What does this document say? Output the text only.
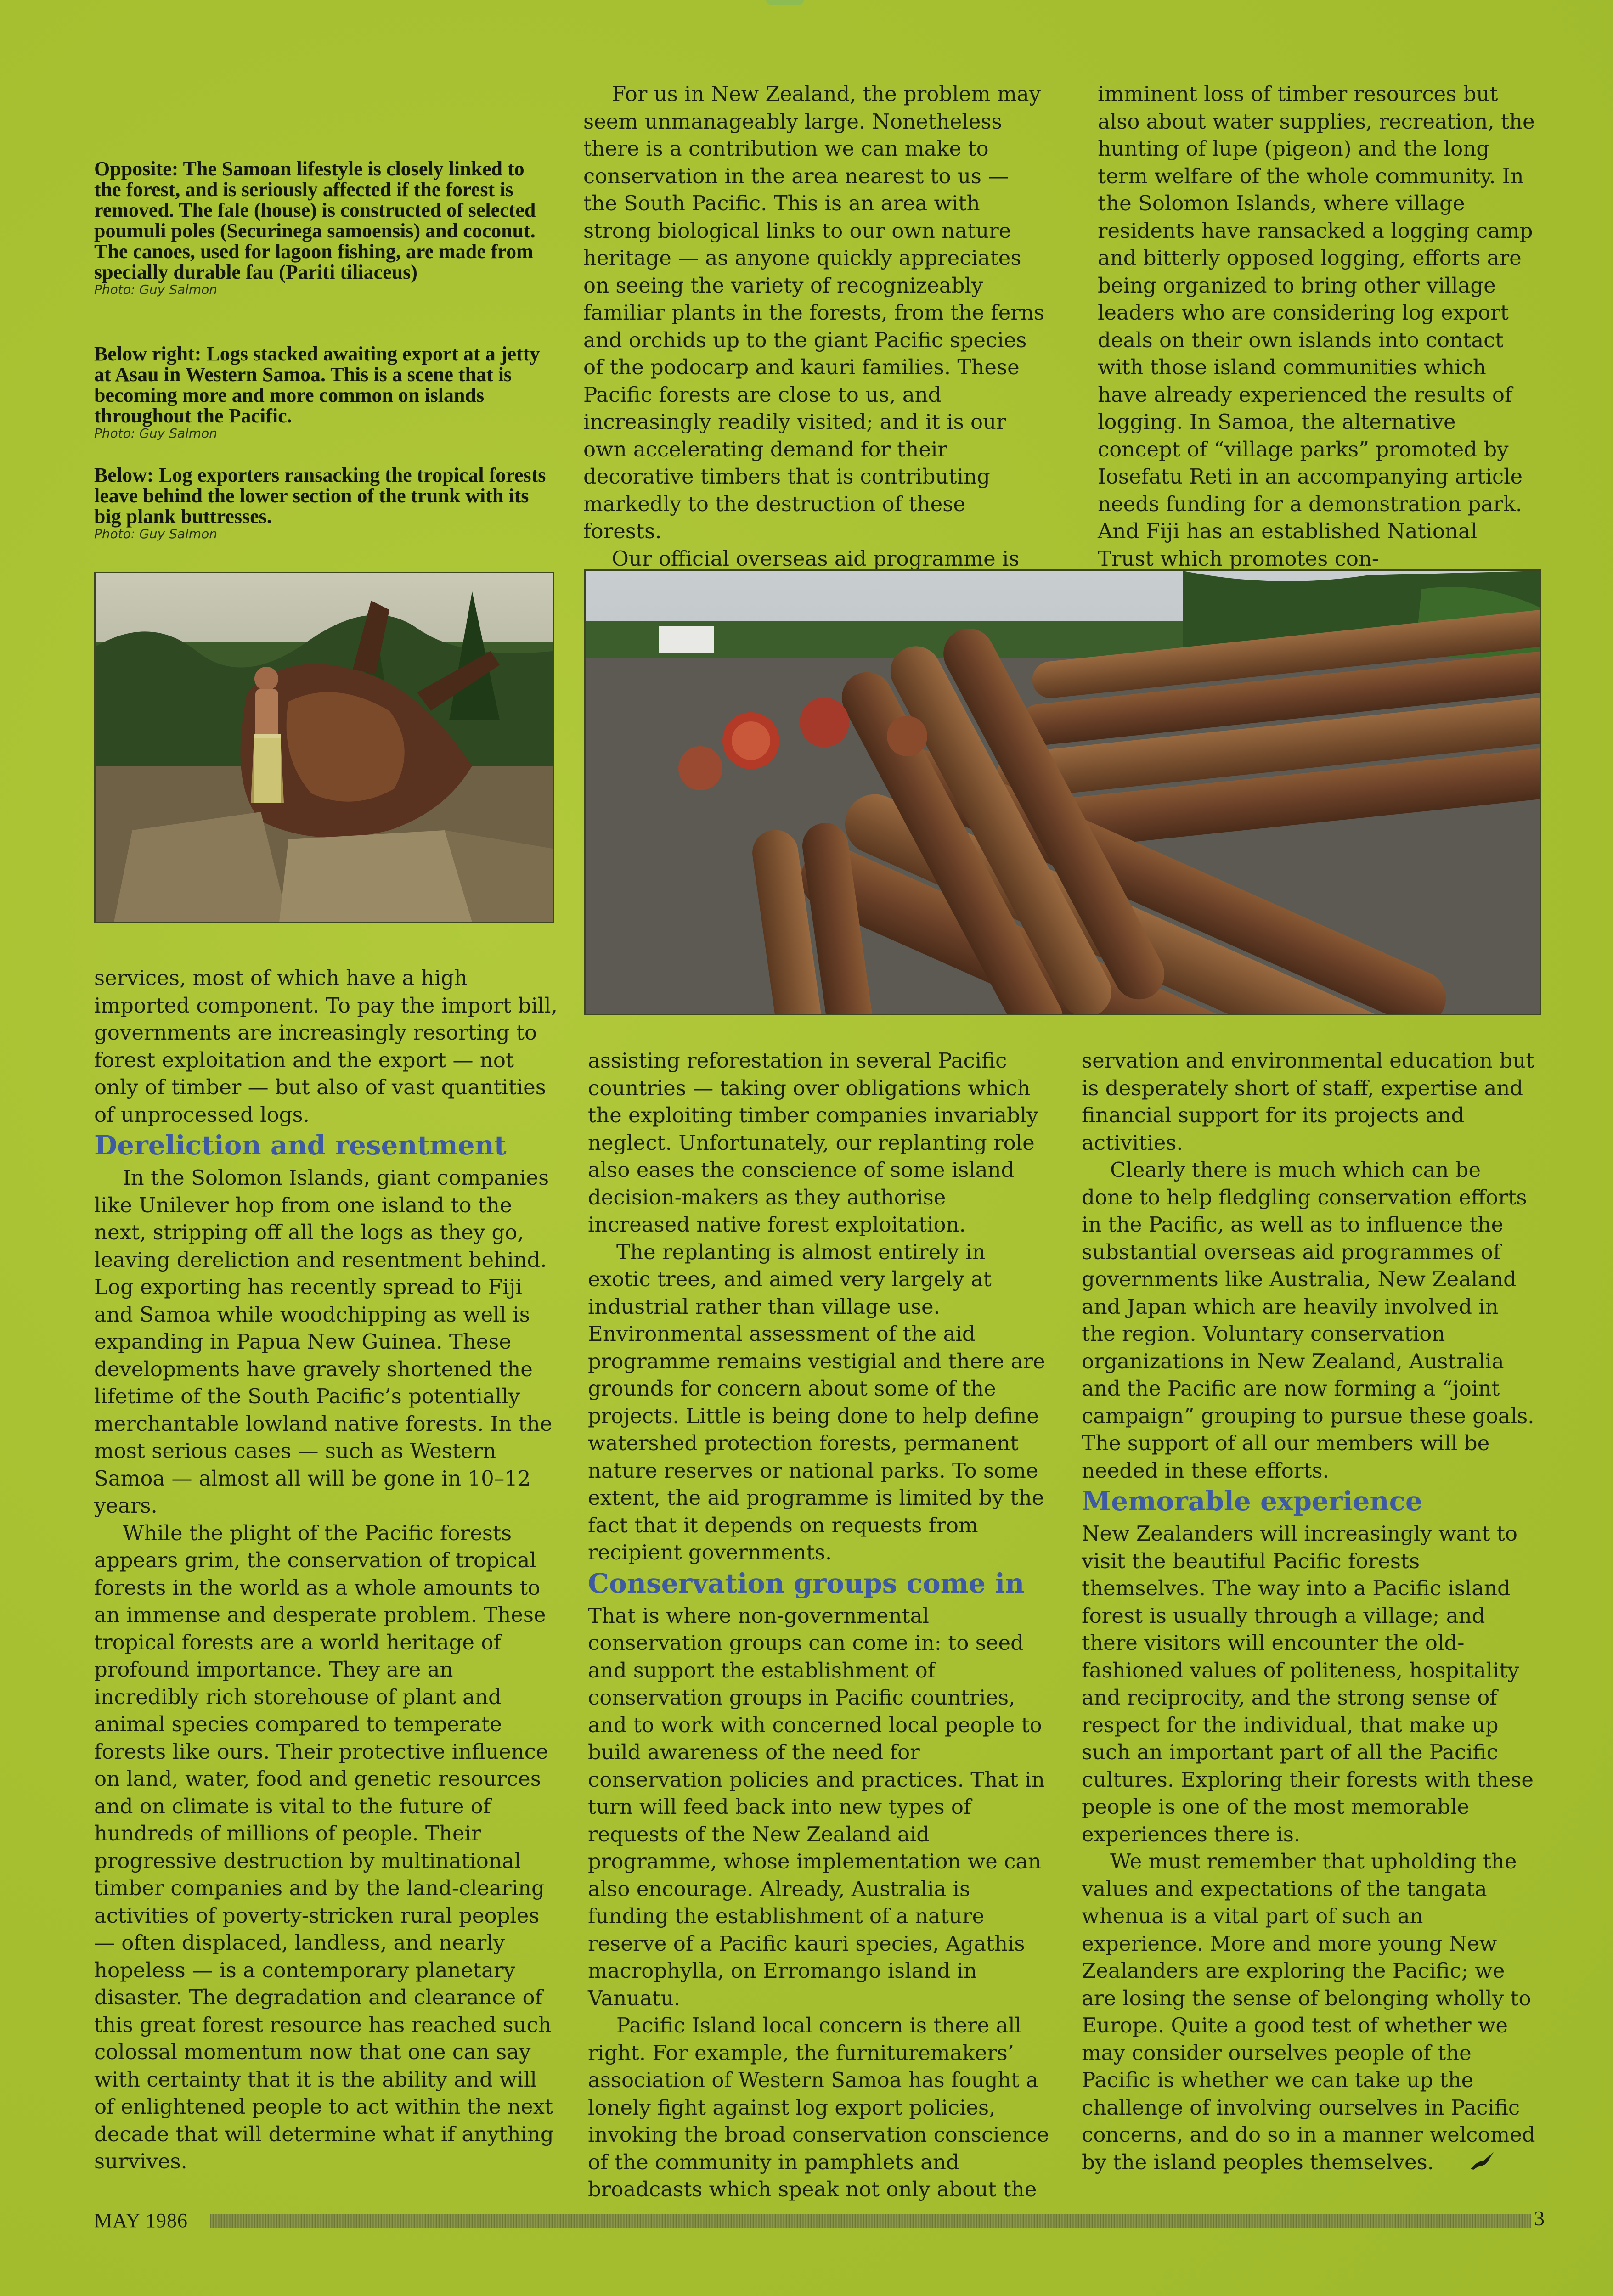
Opposite: The Samoan lifestyle is closely linked to the forest, and is seriously affected if the forest is removed. The fale (house) is constructed of selected poumuli poles (Securinega samoensis) and coconut. The canoes, used for lagoon fishing, are made from specially durable fau (Pariti tiliaceus)

Photo: Guy Salmon

Below right: Logs stacked awaiting export at a jetty at Asau in Western Samoa. This is a scene that is becoming more and more common on islands throughout the Pacific.

Photo: Guy Salmon

Below: Log exporters ransacking the tropical forests leave behind the lower section of the trunk with its big plank buttresses.

Photo: Guy Salmon

For us in New Zealand, the problem may seem unmanageably large. Nonetheless there is a contribution we can make to conservation in the area nearest to us — the South Pacific. This is an area with strong biological links to our own nature heritage — as anyone quickly appreciates on seeing the variety of recognizeably familiar plants in the forests, from the ferns and orchids up to the giant Pacific species of the podocarp and kauri families. These Pacific forests are close to us, and increasingly readily visited; and it is our own accelerating demand for their decorative timbers that is contributing markedly to the destruction of these forests.

Our official overseas aid programme is

imminent loss of timber resources but also about water supplies, recreation, the hunting of lupe (pigeon) and the long term welfare of the whole community. In the Solomon Islands, where village residents have ransacked a logging camp and bitterly opposed logging, efforts are being organized to bring other village leaders who are considering log export deals on their own islands into contact with those island communities which have already experienced the results of logging. In Samoa, the alternative concept of “village parks” promoted by Iosefatu Reti in an accompanying article needs funding for a demonstration park. And Fiji has an established National Trust which promotes con-

services, most of which have a high imported component. To pay the import bill, governments are increasingly resorting to forest exploitation and the export — not only of timber — but also of vast quantities of unprocessed logs.

Dereliction and resentment

In the Solomon Islands, giant companies like Unilever hop from one island to the next, stripping off all the logs as they go, leaving dereliction and resentment behind. Log exporting has recently spread to Fiji and Samoa while woodchipping as well is expanding in Papua New Guinea. These developments have gravely shortened the lifetime of the South Pacific’s potentially merchantable lowland native forests. In the most serious cases — such as Western Samoa — almost all will be gone in 10–12 years.

While the plight of the Pacific forests appears grim, the conservation of tropical forests in the world as a whole amounts to an immense and desperate problem. These tropical forests are a world heritage of profound importance. They are an incredibly rich storehouse of plant and animal species compared to temperate forests like ours. Their protective influence on land, water, food and genetic resources and on climate is vital to the future of hundreds of millions of people. Their progressive destruction by multinational timber companies and by the land-clearing activities of poverty-stricken rural peoples — often displaced, landless, and nearly hopeless — is a contemporary planetary disaster. The degradation and clearance of this great forest resource has reached such colossal momentum now that one can say with certainty that it is the ability and will of enlightened people to act within the next decade that will determine what if anything survives.

assisting reforestation in several Pacific countries — taking over obligations which the exploiting timber companies invariably neglect. Unfortunately, our replanting role also eases the conscience of some island decision-makers as they authorise increased native forest exploitation.

The replanting is almost entirely in exotic trees, and aimed very largely at industrial rather than village use. Environmental assessment of the aid programme remains vestigial and there are grounds for concern about some of the projects. Little is being done to help define watershed protection forests, permanent nature reserves or national parks. To some extent, the aid programme is limited by the fact that it depends on requests from recipient governments.

Conservation groups come in

That is where non-governmental conservation groups can come in: to seed and support the establishment of conservation groups in Pacific countries, and to work with concerned local people to build awareness of the need for conservation policies and practices. That in turn will feed back into new types of requests of the New Zealand aid programme, whose implementation we can also encourage. Already, Australia is funding the establishment of a nature reserve of a Pacific kauri species, Agathis macrophylla, on Erromango island in Vanuatu.

Pacific Island local concern is there all right. For example, the furnituremakers’ association of Western Samoa has fought a lonely fight against log export policies, invoking the broad conservation conscience of the community in pamphlets and broadcasts which speak not only about the

servation and environmental education but is desperately short of staff, expertise and financial support for its projects and activities.

Clearly there is much which can be done to help fledgling conservation efforts in the Pacific, as well as to influence the substantial overseas aid programmes of governments like Australia, New Zealand and Japan which are heavily involved in the region. Voluntary conservation organizations in New Zealand, Australia and the Pacific are now forming a “joint campaign” grouping to pursue these goals. The support of all our members will be needed in these efforts.

Memorable experience

New Zealanders will increasingly want to visit the beautiful Pacific forests themselves. The way into a Pacific island forest is usually through a village; and there visitors will encounter the old-fashioned values of politeness, hospitality and reciprocity, and the strong sense of respect for the individual, that make up such an important part of all the Pacific cultures. Exploring their forests with these people is one of the most memorable experiences there is.

We must remember that upholding the values and expectations of the tangata whenua is a vital part of such an experience. More and more young New Zealanders are exploring the Pacific; we are losing the sense of belonging wholly to Europe. Quite a good test of whether we may consider ourselves people of the Pacific is whether we can take up the challenge of involving ourselves in Pacific concerns, and do so in a manner welcomed by the island peoples themselves.

MAY 1986	3
